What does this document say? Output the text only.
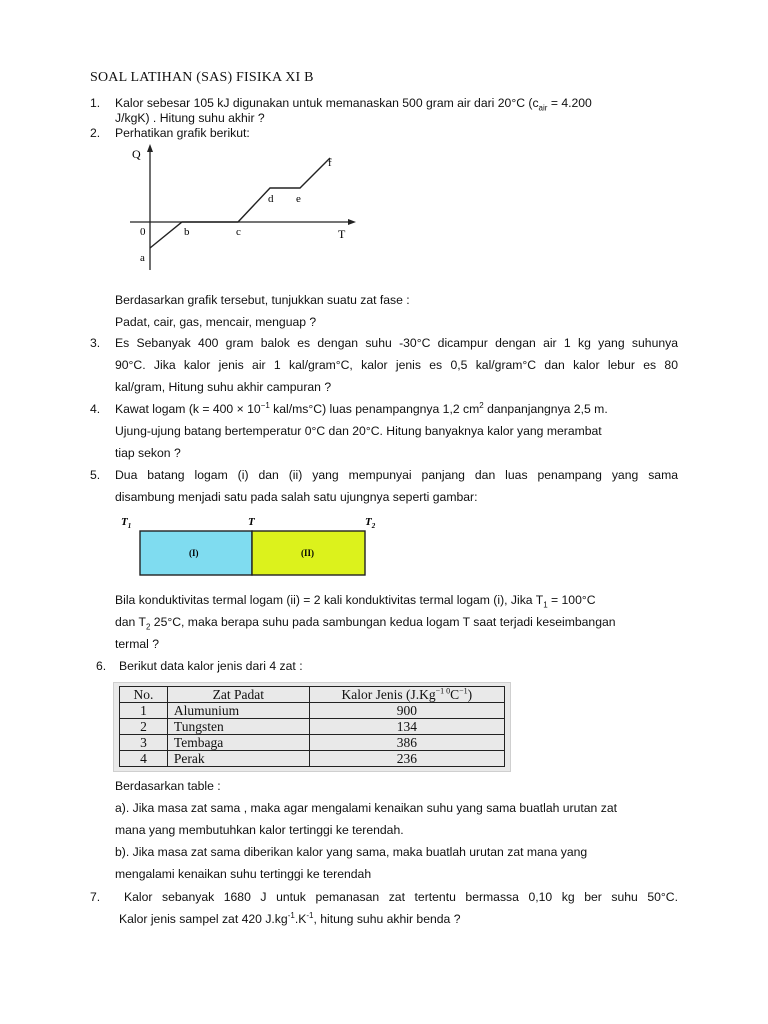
SOAL LATIHAN (SAS) FISIKA XI B
1. Kalor sebesar 105 kJ digunakan untuk memanaskan 500 gram air dari 20°C ($c_{air} = 4.200$
J/kgK) . Hitung suhu akhir ?
2. Perhatikan grafik berikut:
Q
T
0
a
b	c
d e
f
Berdasarkan grafik tersebut, tunjukkan suatu zat fase :
Padat, cair, gas, mencair, menguap ?
3. Es Sebanyak 400 gram balok es dengan suhu -30°C dicampur dengan air 1 kg yang suhunya
90°C. Jika kalor jenis air 1 kal/gram°C, kalor jenis es 0,5 kal/gram°C dan kalor lebur es 80
kal/gram, Hitung suhu akhir campuran ?
4. Kawat logam ($k = 400 \times 10^{-1}$ kal/ms°C) luas penampangnya 1,2 $cm^2$ danpanjangnya 2,5 m.
Ujung-ujung batang bertemperatur 0°C dan 20°C. Hitung banyaknya kalor yang merambat
tiap sekon ?
5. Dua batang logam (i) dan (ii) yang mempunyai panjang dan luas penampang yang sama
disambung menjadi satu pada salah satu ujungnya seperti gambar:
$T_1$	T	$T_2$
(I)	(II)
Bila konduktivitas termal logam (ii) = 2 kali konduktivitas termal logam (i), Jika $T_1 = 100^\circ C$
dan $T_2$ 25°C, maka berapa suhu pada sambungan kedua logam T saat terjadi keseimbangan
termal ?
6. Berikut data kalor jenis dari 4 zat :
No.	Zat Padat	Kalor Jenis $(J.Kg^{-1 0}C^{-1})$
1	Alumunium	900
2	Tungsten	134
3	Tembaga	386
4	Perak	236
Berdasarkan table :
a). Jika masa zat sama , maka agar mengalami kenaikan suhu yang sama buatlah urutan zat
mana yang membutuhkan kalor tertinggi ke terendah.
b). Jika masa zat sama diberikan kalor yang sama, maka buatlah urutan zat mana yang
mengalami kenaikan suhu tertinggi ke terendah
7. Kalor sebanyak 1680 J untuk pemanasan zat tertentu bermassa 0,10 kg ber suhu 50°C.
Kalor jenis sampel zat 420 $J.kg^{-1}.K^{-1}$, hitung suhu akhir benda ?
